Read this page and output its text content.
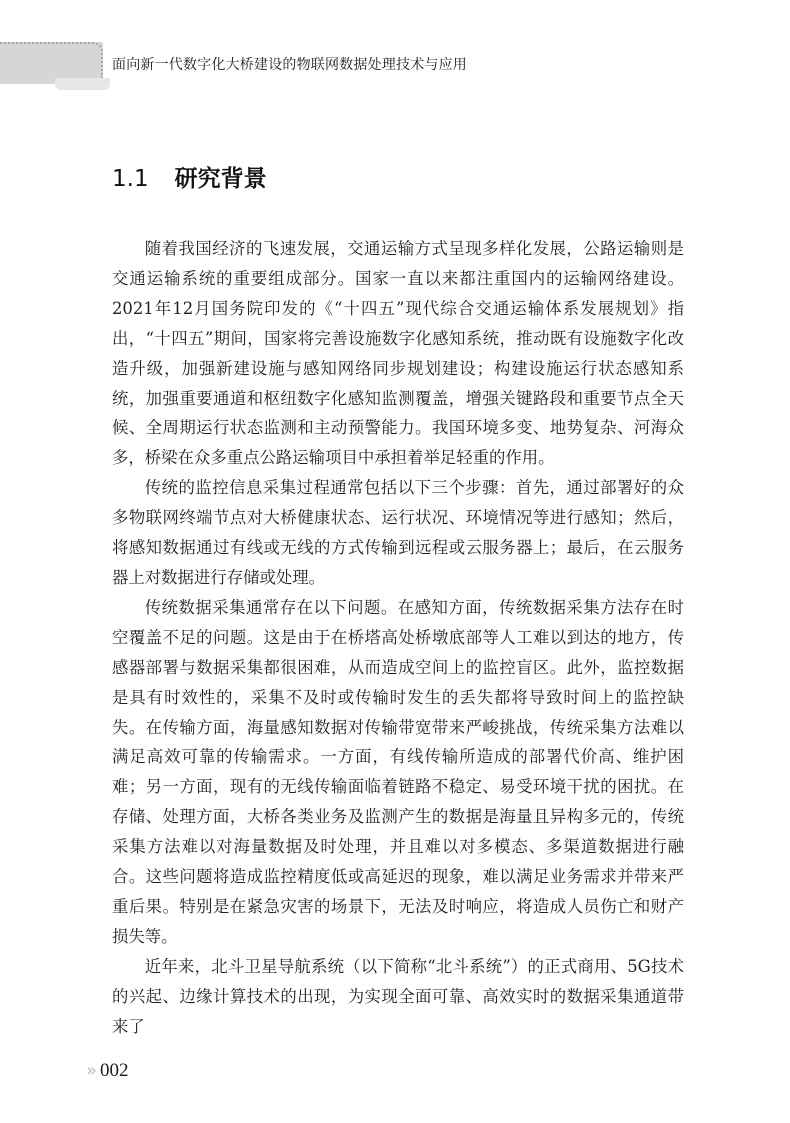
面向新一代数字化大桥建设的物联网数据处理技术与应用
1.1 研究背景

随着我国经济的飞速发展，交通运输方式呈现多样化发展，公路运输则是交通运输系统的重要组成部分。国家一直以来都注重国内的运输网络建设。2021年12月国务院印发的《“十四五”现代综合交通运输体系发展规划》指出，“十四五”期间，国家将完善设施数字化感知系统，推动既有设施数字化改造升级，加强新建设施与感知网络同步规划建设；构建设施运行状态感知系统，加强重要通道和枢纽数字化感知监测覆盖，增强关键路段和重要节点全天候、全周期运行状态监测和主动预警能力。我国环境多变、地势复杂、河海众多，桥梁在众多重点公路运输项目中承担着举足轻重的作用。

传统的监控信息采集过程通常包括以下三个步骤：首先，通过部署好的众多物联网终端节点对大桥健康状态、运行状况、环境情况等进行感知；然后，将感知数据通过有线或无线的方式传输到远程或云服务器上；最后，在云服务器上对数据进行存储或处理。

传统数据采集通常存在以下问题。在感知方面，传统数据采集方法存在时空覆盖不足的问题。这是由于在桥塔高处桥墩底部等人工难以到达的地方，传感器部署与数据采集都很困难，从而造成空间上的监控盲区。此外，监控数据是具有时效性的，采集不及时或传输时发生的丢失都将导致时间上的监控缺失。在传输方面，海量感知数据对传输带宽带来严峻挑战，传统采集方法难以满足高效可靠的传输需求。一方面，有线传输所造成的部署代价高、维护困难；另一方面，现有的无线传输面临着链路不稳定、易受环境干扰的困扰。在存储、处理方面，大桥各类业务及监测产生的数据是海量且异构多元的，传统采集方法难以对海量数据及时处理，并且难以对多模态、多渠道数据进行融合。这些问题将造成监控精度低或高延迟的现象，难以满足业务需求并带来严重后果。特别是在紧急灾害的场景下，无法及时响应，将造成人员伤亡和财产损失等。

近年来，北斗卫星导航系统（以下简称“北斗系统”）的正式商用、5G技术的兴起、边缘计算技术的出现，为实现全面可靠、高效实时的数据采集通道带来了

» 002
